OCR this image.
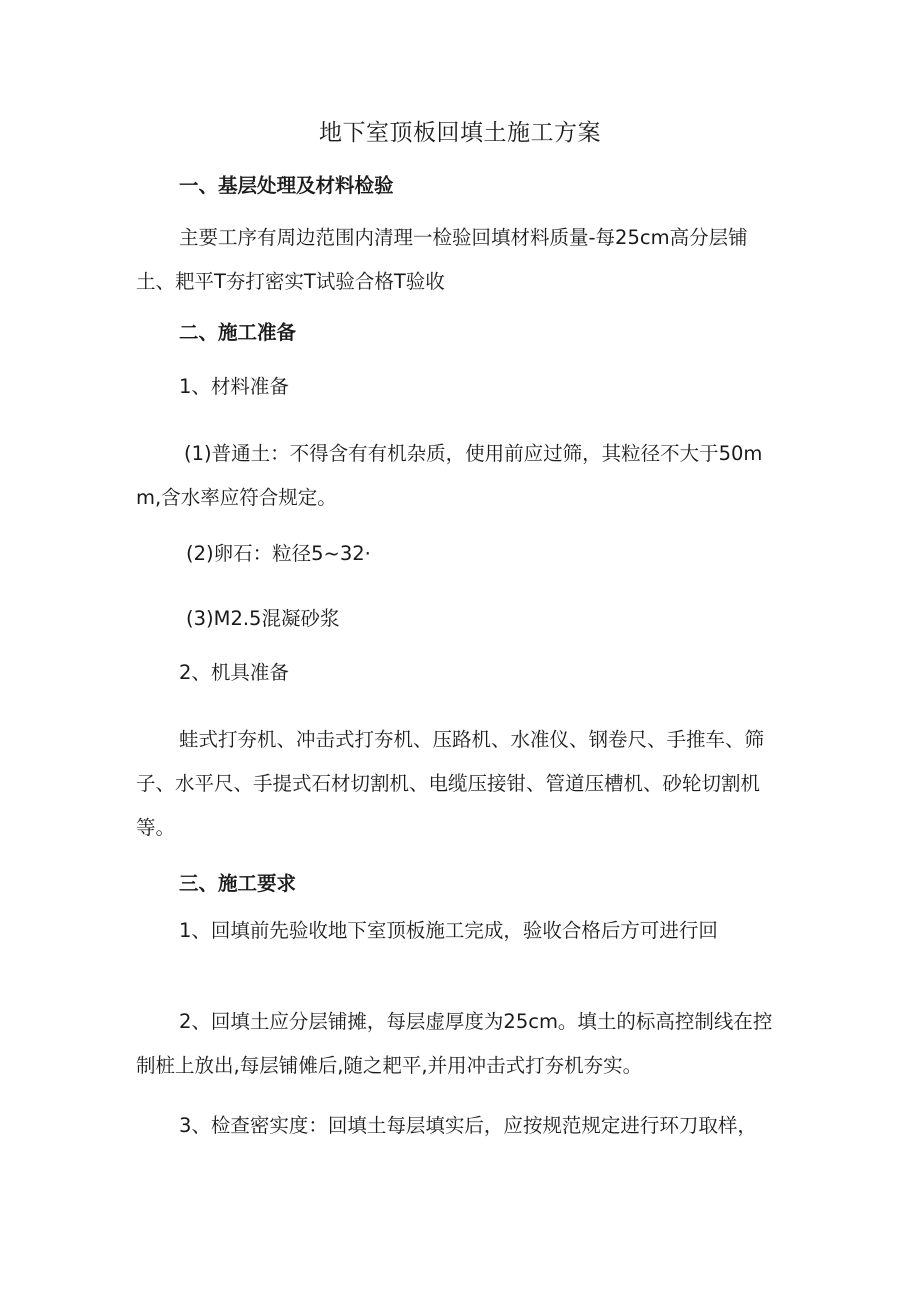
地下室顶板回填土施工方案
一、基层处理及材料检验
主要工序有周边范围内清理一检验回填材料质量-每25cm高分层铺土、耙平T夯打密实T试验合格T验收
二、施工准备
1、材料准备
(1)普通土：不得含有有机杂质，使用前应过筛，其粒径不大于50mm,含水率应符合规定。
(2)卵石：粒径5~32·
(3)M2.5混凝砂浆
2、机具准备
蛙式打夯机、冲击式打夯机、压路机、水准仪、钢卷尺、手推车、筛子、水平尺、手提式石材切割机、电缆压接钳、管道压槽机、砂轮切割机等。
三、施工要求
1、回填前先验收地下室顶板施工完成，验收合格后方可进行回
2、回填土应分层铺摊，每层虚厚度为25cm。填土的标高控制线在控制桩上放出,每层铺傩后,随之耙平,并用冲击式打夯机夯实。
3、检查密实度：回填土每层填实后，应按规范规定进行环刀取样，
